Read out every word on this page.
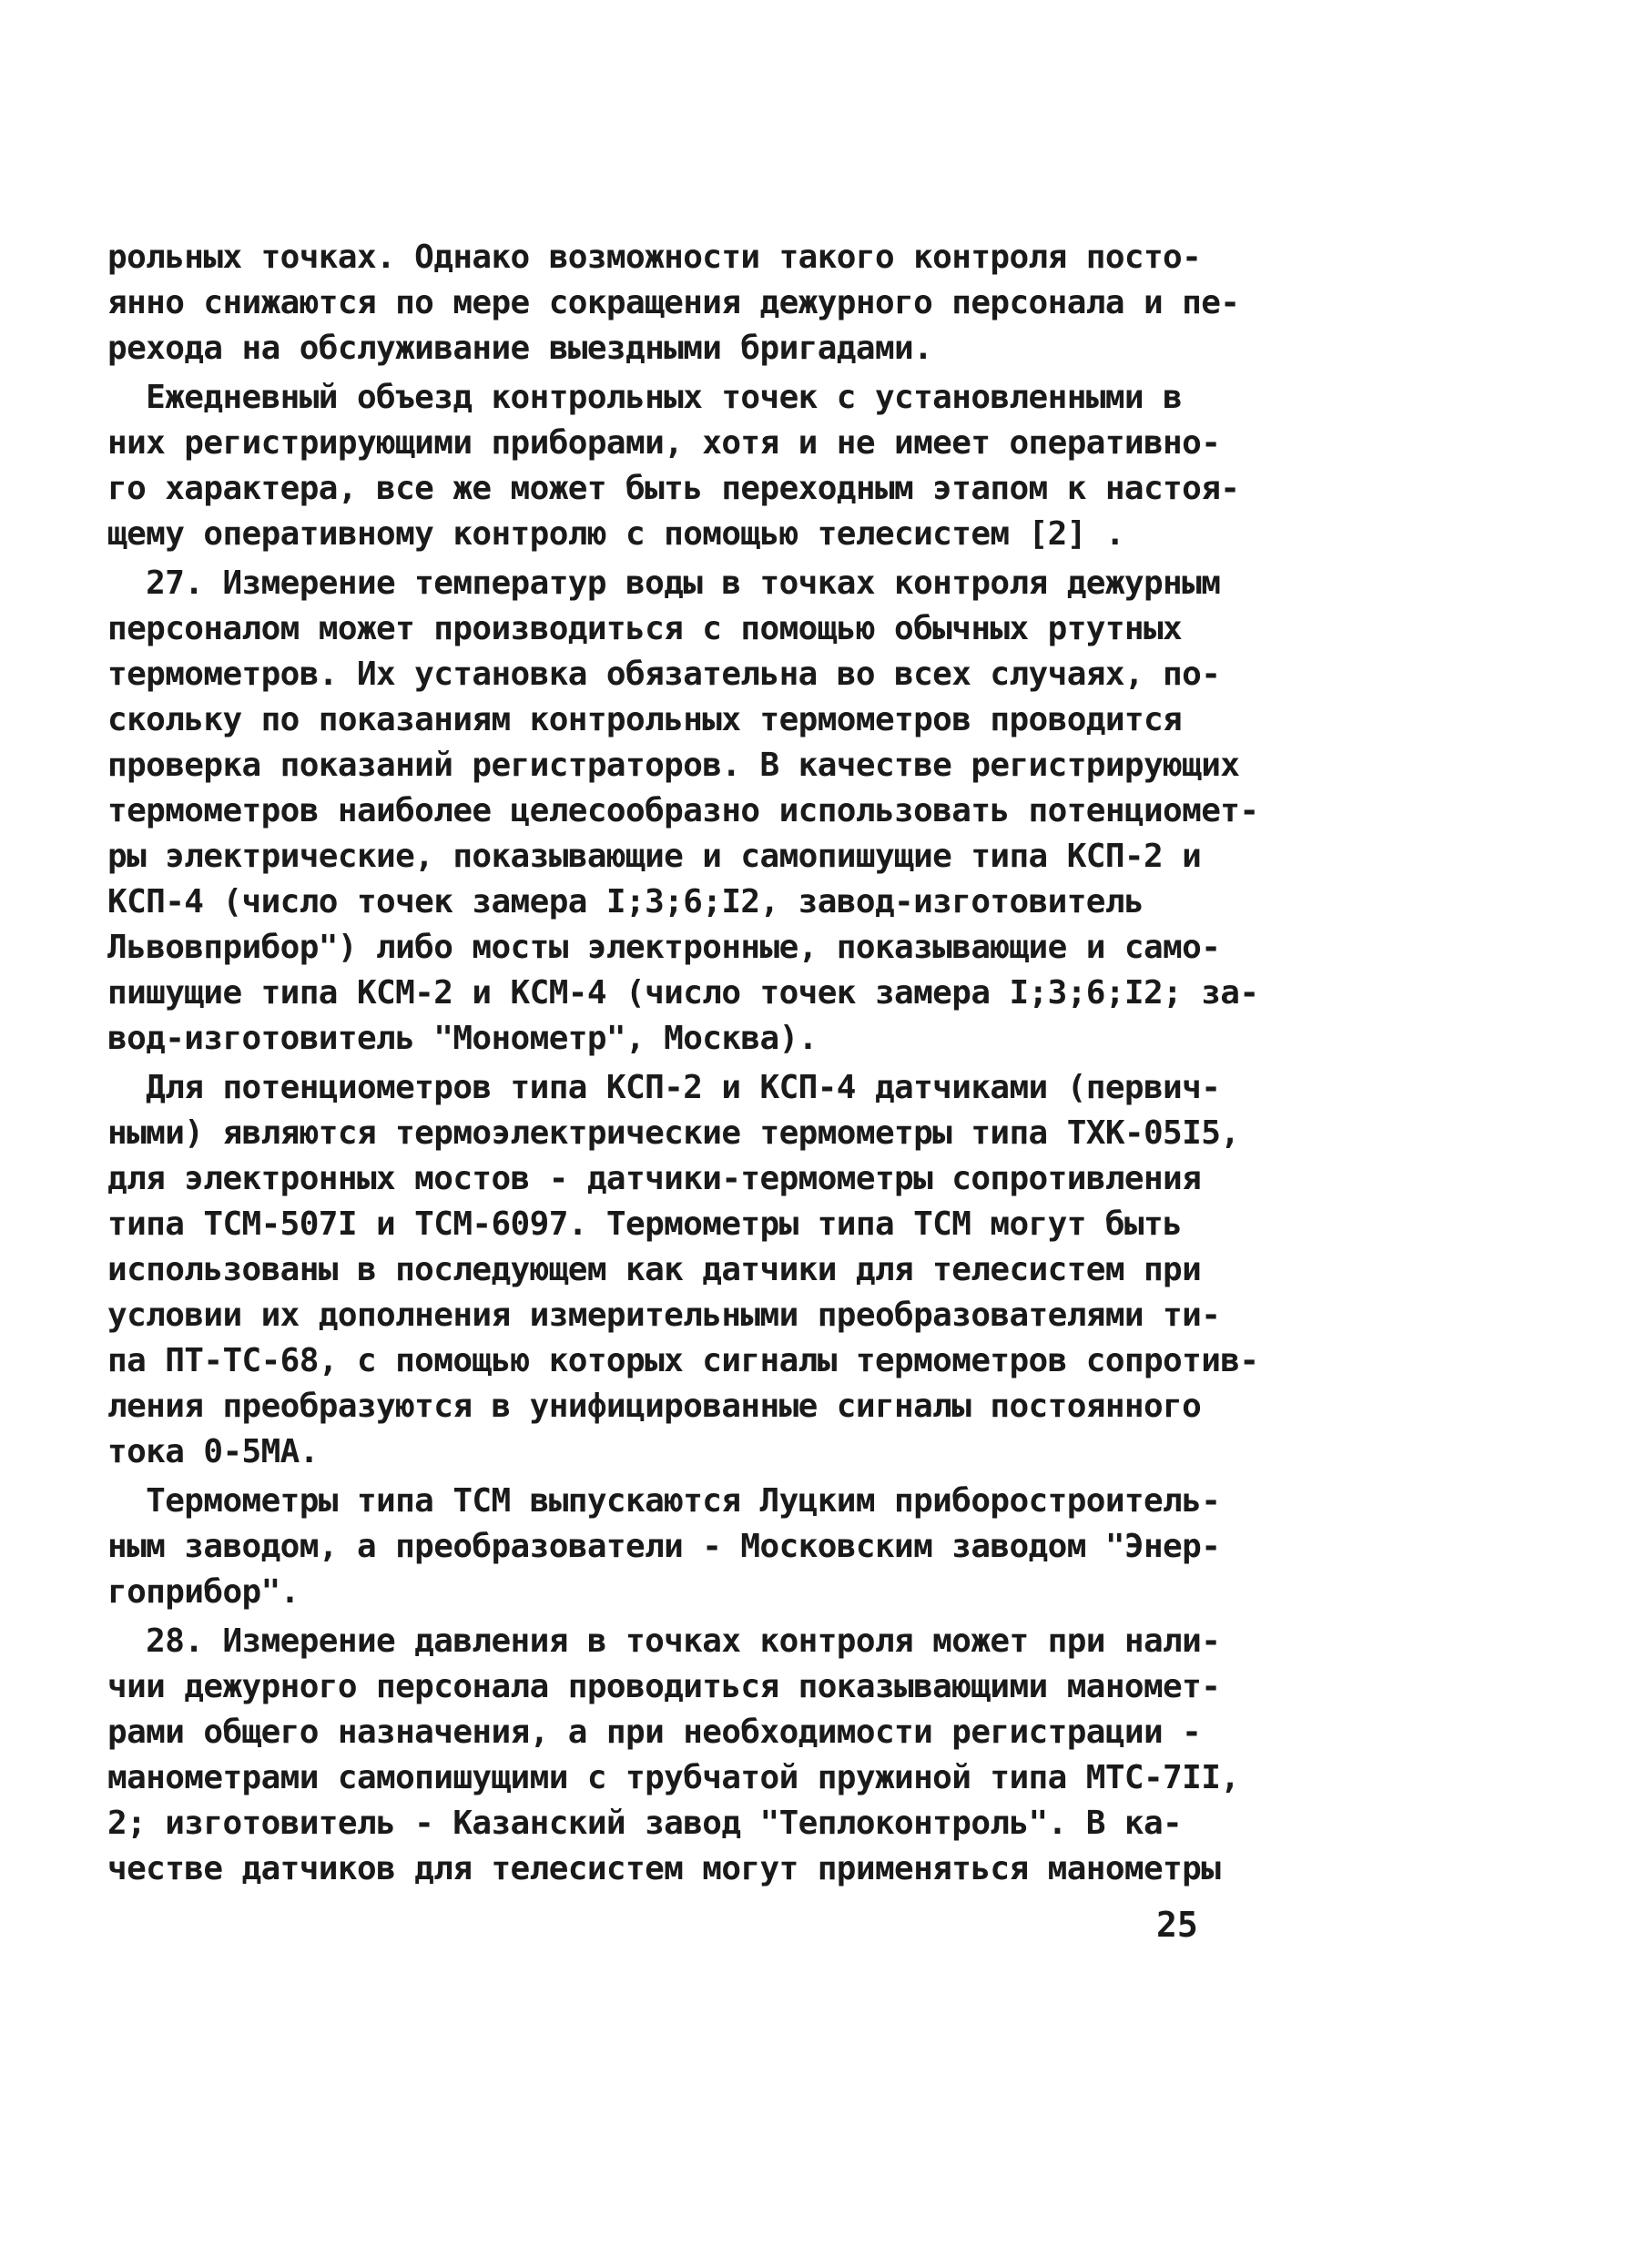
рольных точках. Однако возможности такого контроля посто-
янно снижаются по мере сокращения дежурного персонала и пе-
рехода на обслуживание выездными бригадами.
Ежедневный объезд контрольных точек с установленными в
них регистрирующими приборами, хотя и не имеет оперативно-
го характера, все же может быть переходным этапом к настоя-
щему оперативному контролю с помощью телесистем [2] .
27. Измерение температур воды в точках контроля дежурным
персоналом может производиться с помощью обычных ртутных
термометров. Их установка обязательна во всех случаях, по-
скольку по показаниям контрольных термометров проводится
проверка показаний регистраторов. В качестве регистрирующих
термометров наиболее целесообразно использовать потенциомет-
ры электрические, показывающие и самопишущие типа КСП-2 и
КСП-4 (число точек замера I;3;6;I2, завод-изготовитель
Львовприбор") либо мосты электронные, показывающие и само-
пишущие типа КСМ-2 и КСМ-4 (число точек замера I;3;6;I2; за-
вод-изготовитель "Монометр", Москва).
Для потенциометров типа КСП-2 и КСП-4 датчиками (первич-
ными) являются термоэлектрические термометры типа ТХК-05I5,
для электронных мостов - датчики-термометры сопротивления
типа ТСМ-507I и ТСМ-6097. Термометры типа ТСМ могут быть
использованы в последующем как датчики для телесистем при
условии их дополнения измерительными преобразователями ти-
па ПТ-ТС-68, с помощью которых сигналы термометров сопротив-
ления преобразуются в унифицированные сигналы постоянного
тока 0-5МА.
Термометры типа ТСМ выпускаются Луцким приборостроитель-
ным заводом, а преобразователи - Московским заводом "Энер-
гоприбор".
28. Измерение давления в точках контроля может при нали-
чии дежурного персонала проводиться показывающими маномет-
рами общего назначения, а при необходимости регистрации -
манометрами самопишущими с трубчатой пружиной типа МТС-7II,
2; изготовитель - Казанский завод "Теплоконтроль". В ка-
честве датчиков для телесистем могут применяться манометры
25
